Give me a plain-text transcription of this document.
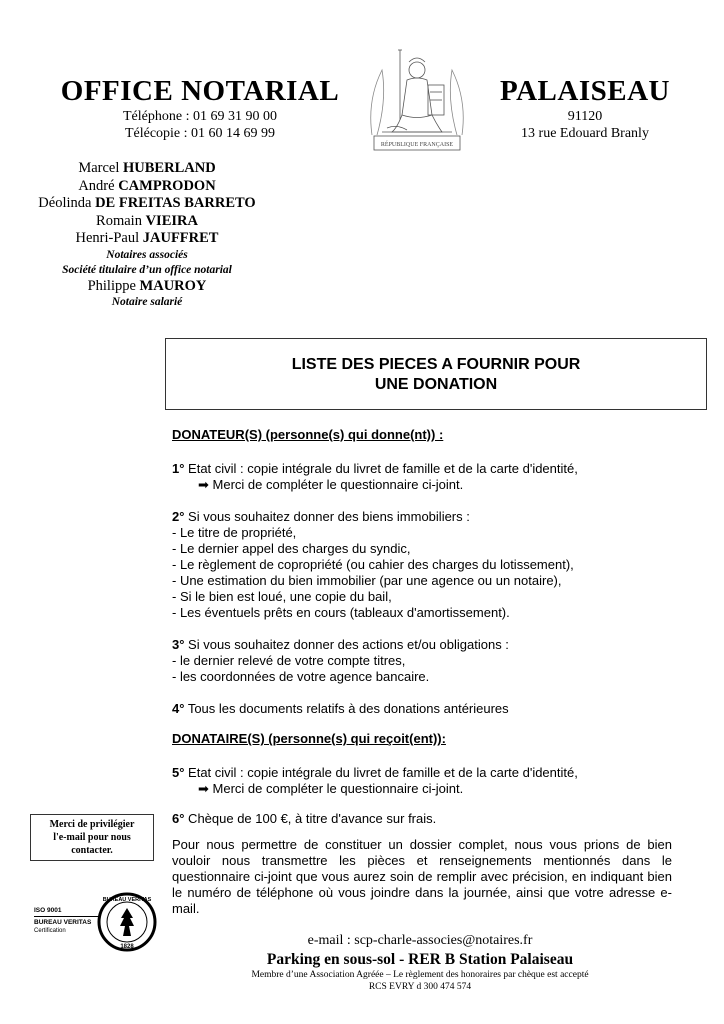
OFFICE NOTARIAL
Téléphone : 01 69 31 90 00
Télécopie : 01 60 14 69 99
RÉPUBLIQUE FRANÇAISE
PALAISEAU
91120
13 rue Edouard Branly
Marcel HUBERLAND
André CAMPRODON
Déolinda DE FREITAS BARRETO
Romain VIEIRA
Henri-Paul JAUFFRET
Notaires associés
Société titulaire d’un office notarial
Philippe MAUROY
Notaire salarié
LISTE DES PIECES A FOURNIR POUR
UNE DONATION
DONATEUR(S) (personne(s) qui donne(nt)) :
1° Etat civil : copie intégrale du livret de famille et de la carte d'identité,
➡ Merci de compléter le questionnaire ci-joint.
2° Si vous souhaitez donner des biens immobiliers :
- Le titre de propriété,
- Le dernier appel des charges du syndic,
- Le règlement de copropriété (ou cahier des charges du lotissement),
- Une estimation du bien immobilier (par une agence ou un notaire),
- Si le bien est loué, une copie du bail,
- Les éventuels prêts en cours (tableaux d'amortissement).
3° Si vous souhaitez donner des actions et/ou obligations :
- le dernier relevé de votre compte titres,
- les coordonnées de votre agence bancaire.
4° Tous les documents relatifs à des donations antérieures
DONATAIRE(S) (personne(s) qui reçoit(ent)):
5° Etat civil : copie intégrale du livret de famille et de la carte d'identité,
➡ Merci de compléter le questionnaire ci-joint.
6° Chèque de 100 €, à titre d'avance sur frais.
Pour nous permettre de constituer un dossier complet, nous vous prions de bien vouloir nous transmettre les pièces et renseignements mentionnés dans le questionnaire ci-joint que vous aurez soin de remplir avec précision, en indiquant bien le numéro de téléphone où vous joindre dans la journée, ainsi que votre adresse e-mail.
Merci de privilégier
l'e-mail pour nous
contacter.
ISO 9001
BUREAU VERITAS
Certification
BUREAU VERITAS
1828	e-mail : scp-charle-associes@notaires.fr
Parking en sous-sol - RER B Station Palaiseau
Membre d’une Association Agréée – Le règlement des honoraires par chèque est accepté
RCS EVRY d 300 474 574
